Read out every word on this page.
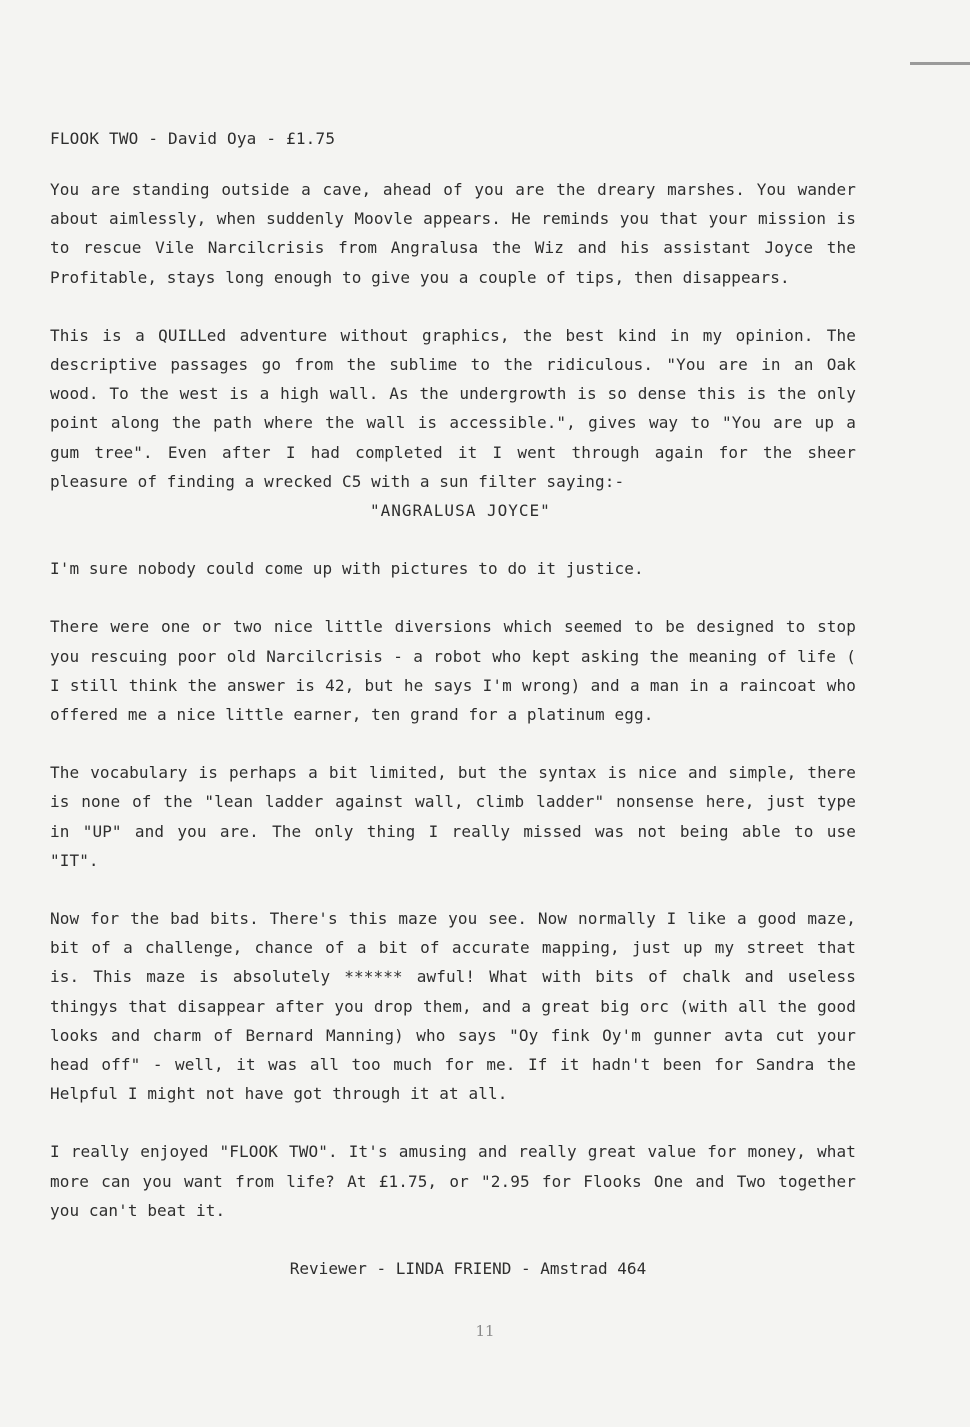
FLOOK TWO - David Oya - £1.75

You are standing outside a cave, ahead of you are the dreary marshes. You wander about aimlessly, when suddenly Moovle appears. He reminds you that your mission is to rescue Vile Narcilcrisis from Angralusa the Wiz and his assistant Joyce the Profitable, stays long enough to give you a couple of tips, then disappears.

This is a QUILLed adventure without graphics, the best kind in my opinion. The descriptive passages go from the sublime to the ridiculous. "You are in an Oak wood. To the west is a high wall. As the undergrowth is so dense this is the only point along the path where the wall is accessible.", gives way to "You are up a gum tree". Even after I had completed it I went through again for the sheer pleasure of finding a wrecked C5 with a sun filter saying:-

"ANGRALUSA JOYCE"

I'm sure nobody could come up with pictures to do it justice.

There were one or two nice little diversions which seemed to be designed to stop you rescuing poor old Narcilcrisis - a robot who kept asking the meaning of life ( I still think the answer is 42, but he says I'm wrong) and a man in a raincoat who offered me a nice little earner, ten grand for a platinum egg.

The vocabulary is perhaps a bit limited, but the syntax is nice and simple, there is none of the "lean ladder against wall, climb ladder" nonsense here, just type in "UP" and you are. The only thing I really missed was not being able to use "IT".

Now for the bad bits. There's this maze you see. Now normally I like a good maze, bit of a challenge, chance of a bit of accurate mapping, just up my street that is. This maze is absolutely ****** awful! What with bits of chalk and useless thingys that disappear after you drop them, and a great big orc (with all the good looks and charm of Bernard Manning) who says "Oy fink Oy'm gunner avta cut your head off" - well, it was all too much for me. If it hadn't been for Sandra the Helpful I might not have got through it at all.

I really enjoyed "FLOOK TWO". It's amusing and really great value for money, what more can you want from life? At £1.75, or "2.95 for Flooks One and Two together you can't beat it.

Reviewer - LINDA FRIEND - Amstrad 464
11
